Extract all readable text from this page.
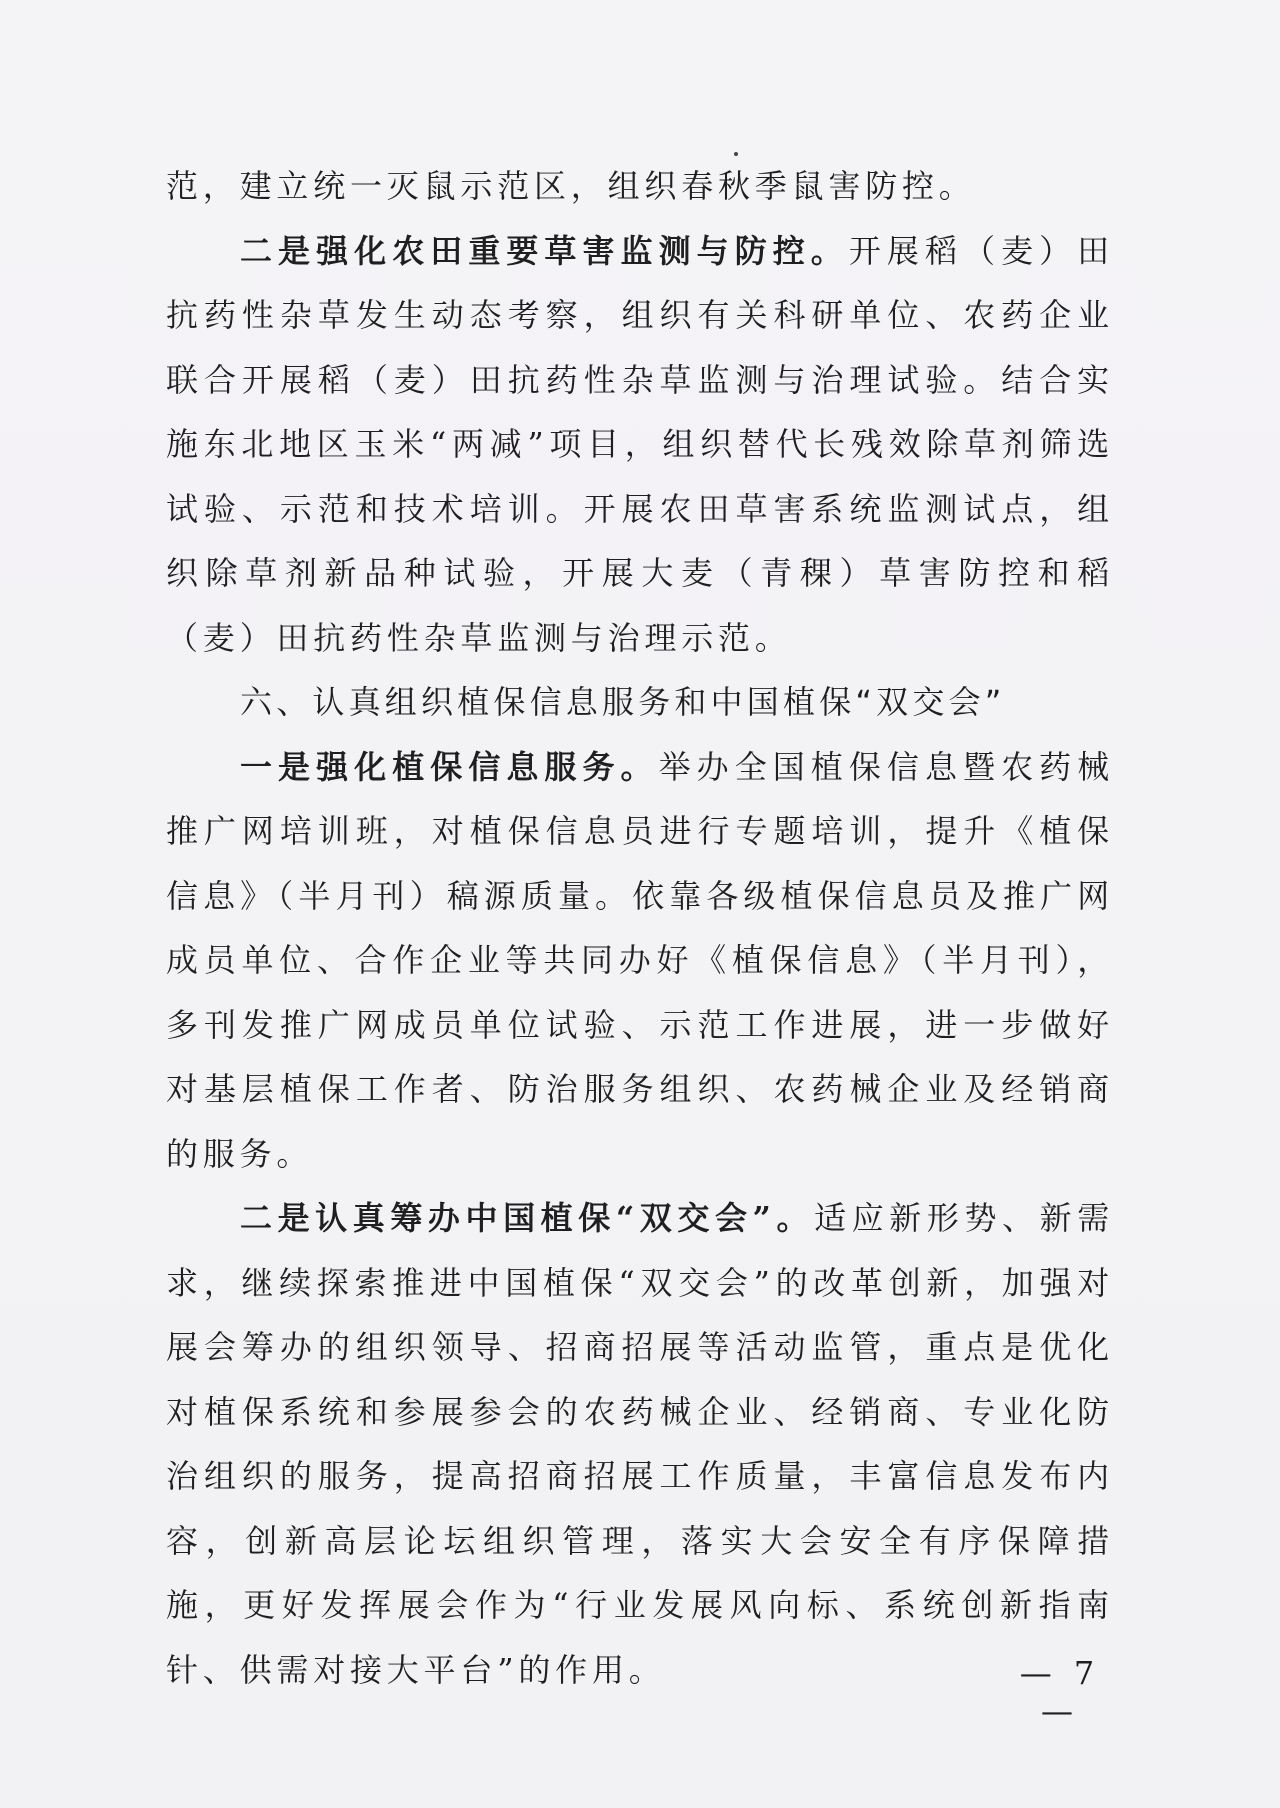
范，建立统一灭鼠示范区，组织春秋季鼠害防控。

二是强化农田重要草害监测与防控。开展稻（麦）田抗药性杂草发生动态考察，组织有关科研单位、农药企业联合开展稻（麦）田抗药性杂草监测与治理试验。结合实施东北地区玉米“两减”项目，组织替代长残效除草剂筛选试验、示范和技术培训。开展农田草害系统监测试点，组织除草剂新品种试验，开展大麦（青稞）草害防控和稻（麦）田抗药性杂草监测与治理示范。

六、认真组织植保信息服务和中国植保“双交会”

一是强化植保信息服务。举办全国植保信息暨农药械推广网培训班，对植保信息员进行专题培训，提升《植保信息》（半月刊）稿源质量。依靠各级植保信息员及推广网成员单位、合作企业等共同办好《植保信息》（半月刊），多刊发推广网成员单位试验、示范工作进展，进一步做好对基层植保工作者、防治服务组织、农药械企业及经销商的服务。

二是认真筹办中国植保“双交会”。适应新形势、新需求，继续探索推进中国植保“双交会”的改革创新，加强对展会筹办的组织领导、招商招展等活动监管，重点是优化对植保系统和参展参会的农药械企业、经销商、专业化防治组织的服务，提高招商招展工作质量，丰富信息发布内容，创新高层论坛组织管理，落实大会安全有序保障措施，更好发挥展会作为“行业发展风向标、系统创新指南针、供需对接大平台”的作用。	— 7 —
